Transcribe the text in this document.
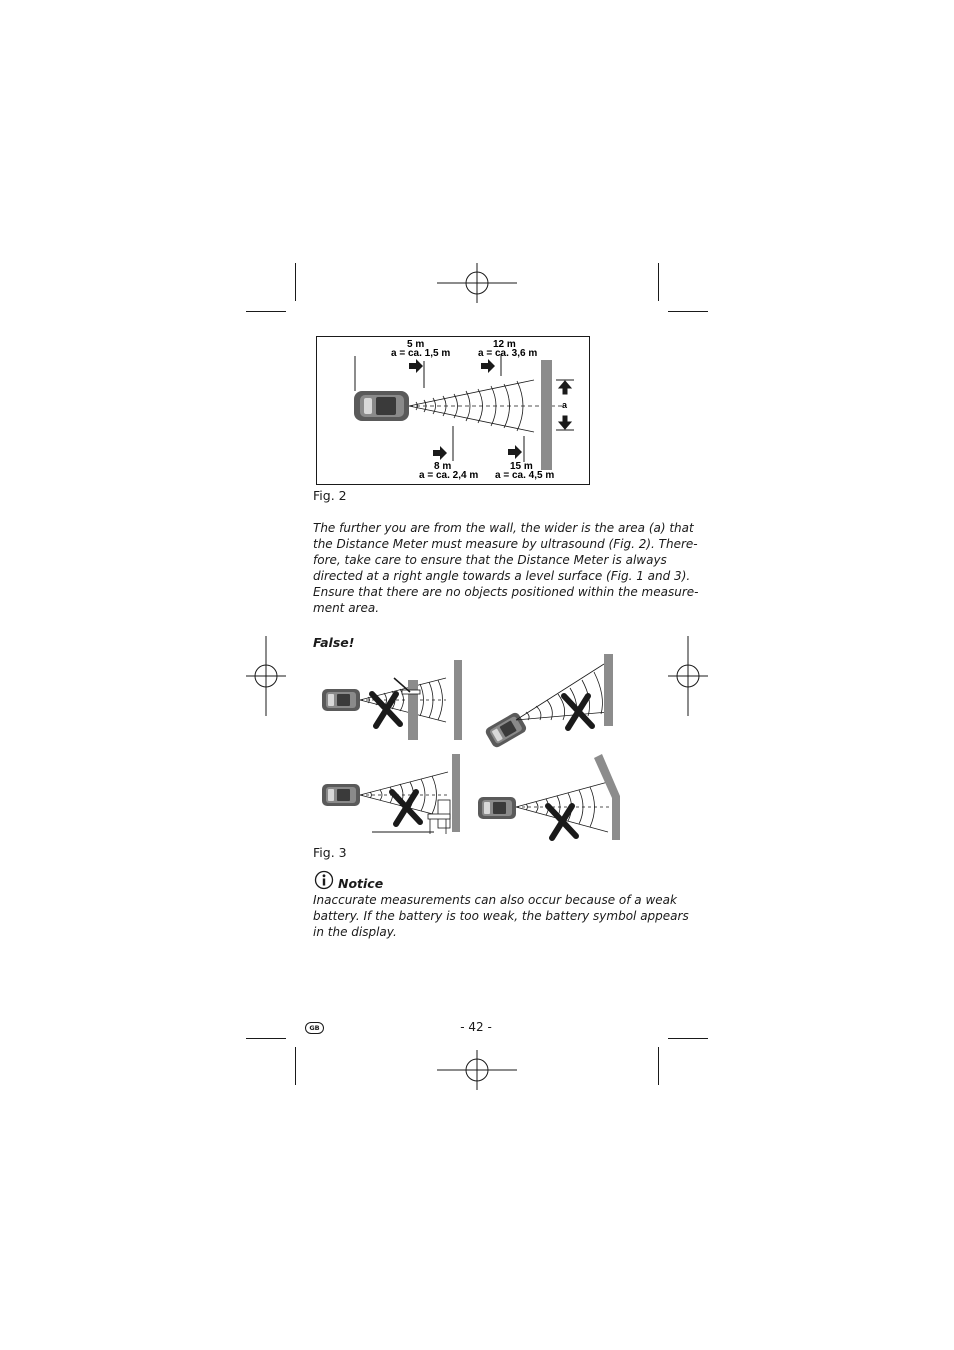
5 m
a = ca. 1,5 m
12 m
a = ca. 3,6 m
8 m
a = ca. 2,4 m
15 m
a = ca. 4,5 m
a
Fig. 2
The further you are from the wall, the wider is the area (a) that
the Distance Meter must measure by ultrasound (Fig. 2). There-
fore, take care to ensure that the Distance Meter is always
directed at a right angle towards a level surface (Fig. 1 and 3).
Ensure that there are no objects positioned within the measure-
ment area.
False!
Fig. 3
Notice
Inaccurate measurements can also occur because of a weak
battery. If the battery is too weak, the battery symbol appears
in the display.
GB	- 42 -
